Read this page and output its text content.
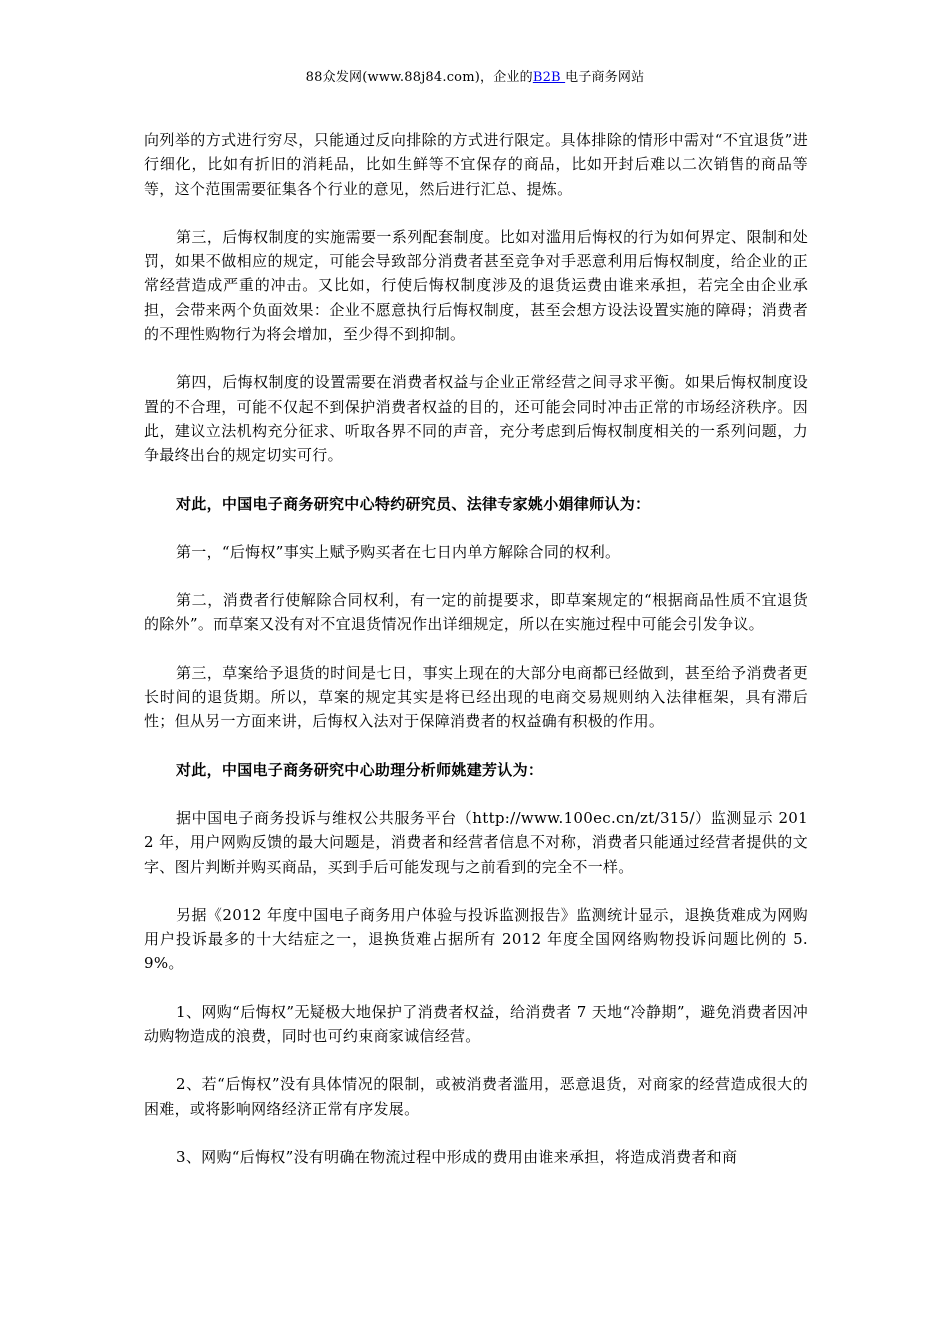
88众发网(www.88j84.com)，企业的B2B 电子商务网站

向列举的方式进行穷尽，只能通过反向排除的方式进行限定。具体排除的情形中需对“不宜退货”进行细化，比如有折旧的消耗品，比如生鲜等不宜保存的商品，比如开封后难以二次销售的商品等等，这个范围需要征集各个行业的意见，然后进行汇总、提炼。

第三，后悔权制度的实施需要一系列配套制度。比如对滥用后悔权的行为如何界定、限制和处罚，如果不做相应的规定，可能会导致部分消费者甚至竞争对手恶意利用后悔权制度，给企业的正常经营造成严重的冲击。又比如，行使后悔权制度涉及的退货运费由谁来承担，若完全由企业承担，会带来两个负面效果：企业不愿意执行后悔权制度，甚至会想方设法设置实施的障碍；消费者的不理性购物行为将会增加，至少得不到抑制。

第四，后悔权制度的设置需要在消费者权益与企业正常经营之间寻求平衡。如果后悔权制度设置的不合理，可能不仅起不到保护消费者权益的目的，还可能会同时冲击正常的市场经济秩序。因此，建议立法机构充分征求、听取各界不同的声音，充分考虑到后悔权制度相关的一系列问题，力争最终出台的规定切实可行。

对此，中国电子商务研究中心特约研究员、法律专家姚小娟律师认为：

第一，“后悔权”事实上赋予购买者在七日内单方解除合同的权利。

第二，消费者行使解除合同权利，有一定的前提要求，即草案规定的“根据商品性质不宜退货的除外”。而草案又没有对不宜退货情况作出详细规定，所以在实施过程中可能会引发争议。

第三，草案给予退货的时间是七日，事实上现在的大部分电商都已经做到，甚至给予消费者更长时间的退货期。所以，草案的规定其实是将已经出现的电商交易规则纳入法律框架，具有滞后性；但从另一方面来讲，后悔权入法对于保障消费者的权益确有积极的作用。

对此，中国电子商务研究中心助理分析师姚建芳认为：

据中国电子商务投诉与维权公共服务平台（http://www.100ec.cn/zt/315/）监测显示 2012 年，用户网购反馈的最大问题是，消费者和经营者信息不对称，消费者只能通过经营者提供的文字、图片判断并购买商品，买到手后可能发现与之前看到的完全不一样。

另据《2012 年度中国电子商务用户体验与投诉监测报告》监测统计显示，退换货难成为网购用户投诉最多的十大结症之一，退换货难占据所有 2012 年度全国网络购物投诉问题比例的 5.9%。

1、网购“后悔权”无疑极大地保护了消费者权益，给消费者 7 天地“冷静期”，避免消费者因冲动购物造成的浪费，同时也可约束商家诚信经营。

2、若“后悔权”没有具体情况的限制，或被消费者滥用，恶意退货，对商家的经营造成很大的困难，或将影响网络经济正常有序发展。

3、网购“后悔权”没有明确在物流过程中形成的费用由谁来承担，将造成消费者和商
